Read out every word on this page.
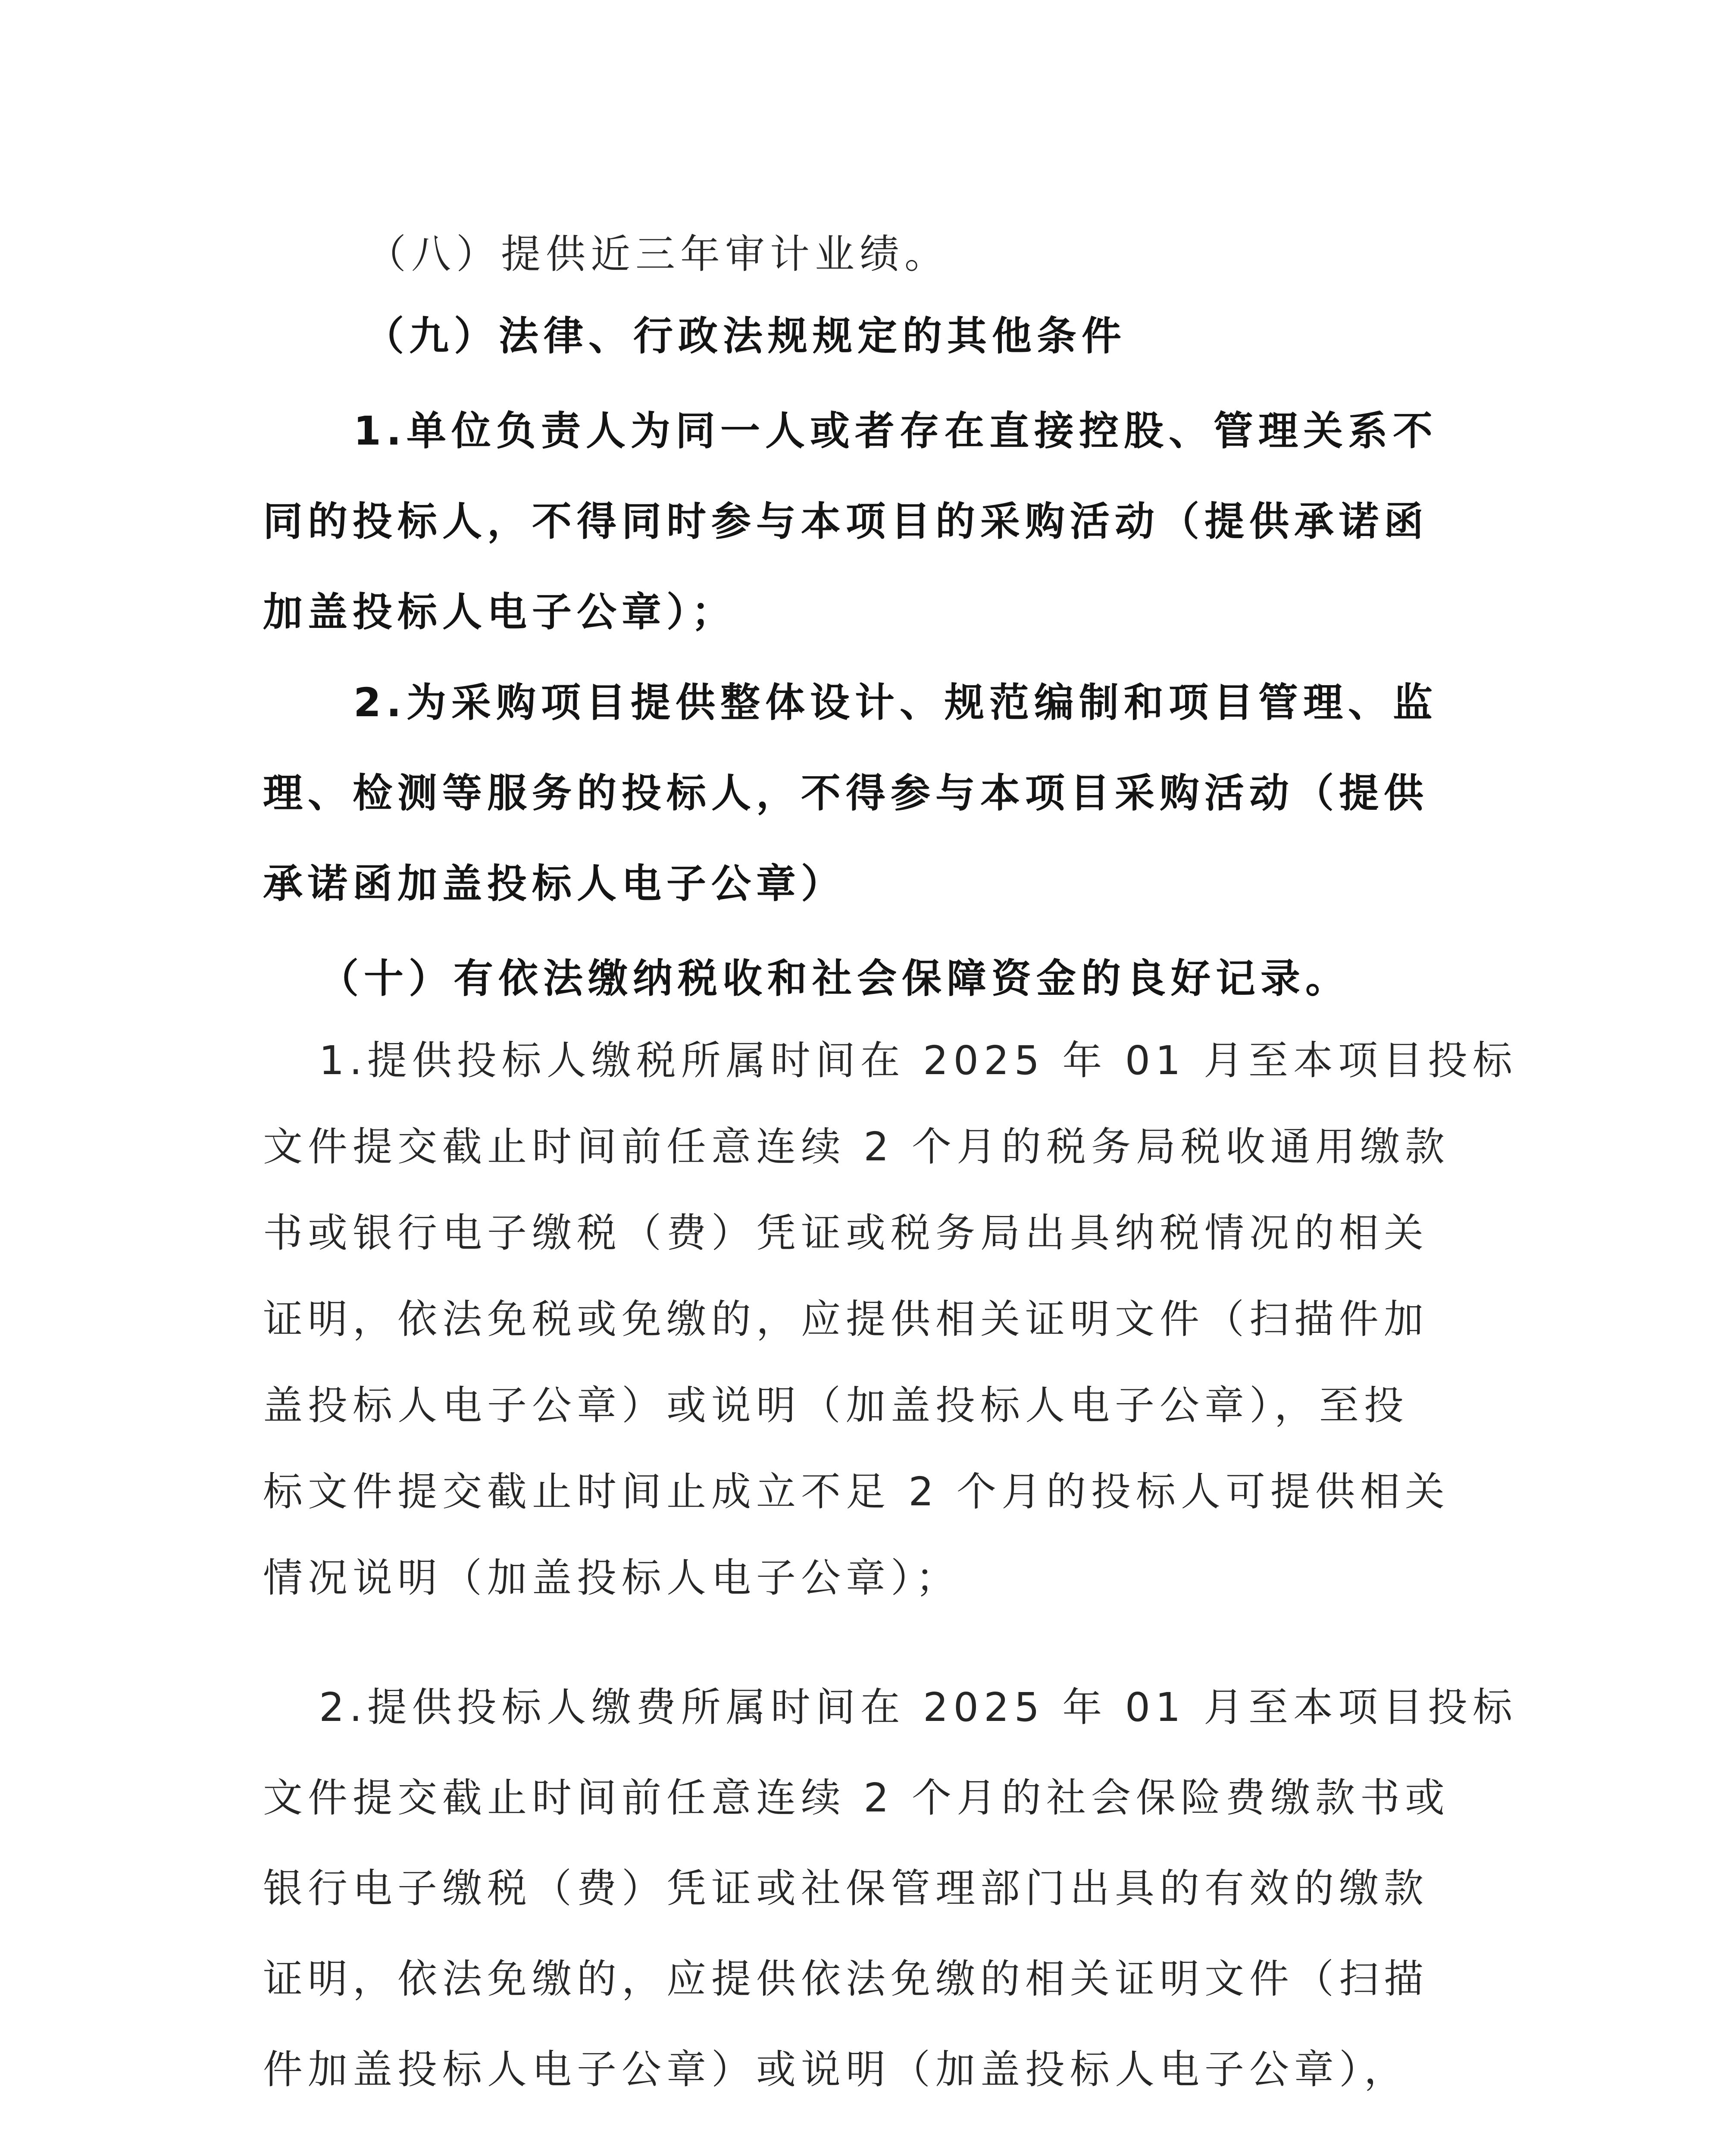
（八）提供近三年审计业绩。
（九）法律、行政法规规定的其他条件
1.单位负责人为同一人或者存在直接控股、管理关系不
同的投标人，不得同时参与本项目的采购活动（提供承诺函
加盖投标人电子公章）；
2.为采购项目提供整体设计、规范编制和项目管理、监
理、检测等服务的投标人，不得参与本项目采购活动（提供
承诺函加盖投标人电子公章）
（十）有依法缴纳税收和社会保障资金的良好记录。
1.提供投标人缴税所属时间在 2025 年 01 月至本项目投标
文件提交截止时间前任意连续 2 个月的税务局税收通用缴款
书或银行电子缴税（费）凭证或税务局出具纳税情况的相关
证明，依法免税或免缴的，应提供相关证明文件（扫描件加
盖投标人电子公章）或说明（加盖投标人电子公章），至投
标文件提交截止时间止成立不足 2 个月的投标人可提供相关
情况说明（加盖投标人电子公章）；
2.提供投标人缴费所属时间在 2025 年 01 月至本项目投标
文件提交截止时间前任意连续 2 个月的社会保险费缴款书或
银行电子缴税（费）凭证或社保管理部门出具的有效的缴款
证明，依法免缴的，应提供依法免缴的相关证明文件（扫描
件加盖投标人电子公章）或说明（加盖投标人电子公章），
